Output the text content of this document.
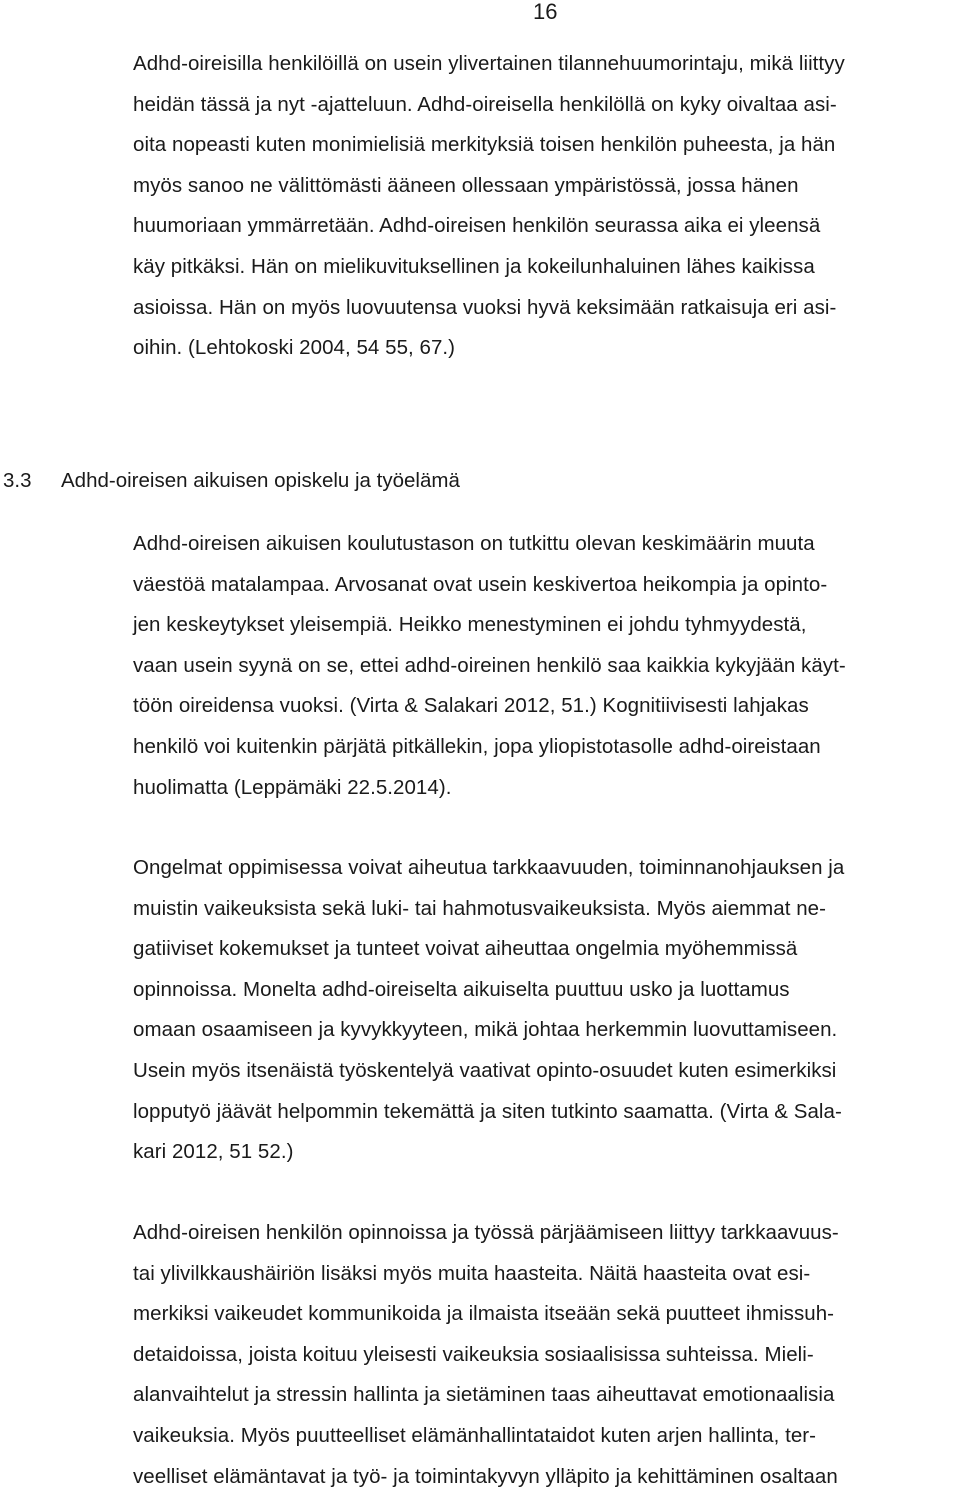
16

Adhd-oireisilla henkilöillä on usein ylivertainen tilannehuumorintaju, mikä liittyy
heidän tässä ja nyt -ajatteluun. Adhd-oireisella henkilöllä on kyky oivaltaa asi-
oita nopeasti kuten monimielisiä merkityksiä toisen henkilön puheesta, ja hän
myös sanoo ne välittömästi ääneen ollessaan ympäristössä, jossa hänen
huumoriaan ymmärretään. Adhd-oireisen henkilön seurassa aika ei yleensä
käy pitkäksi. Hän on mielikuvituksellinen ja kokeilunhaluinen lähes kaikissa
asioissa. Hän on myös luovuutensa vuoksi hyvä keksimään ratkaisuja eri asi-
oihin. (Lehtokoski 2004, 54 55, 67.)

3.3 Adhd-oireisen aikuisen opiskelu ja työelämä

Adhd-oireisen aikuisen koulutustason on tutkittu olevan keskimäärin muuta
väestöä matalampaa. Arvosanat ovat usein keskivertoa heikompia ja opinto-
jen keskeytykset yleisempiä. Heikko menestyminen ei johdu tyhmyydestä,
vaan usein syynä on se, ettei adhd-oireinen henkilö saa kaikkia kykyjään käyt-
töön oireidensa vuoksi. (Virta & Salakari 2012, 51.) Kognitiivisesti lahjakas
henkilö voi kuitenkin pärjätä pitkällekin, jopa yliopistotasolle adhd-oireistaan
huolimatta (Leppämäki 22.5.2014).

Ongelmat oppimisessa voivat aiheutua tarkkaavuuden, toiminnanohjauksen ja
muistin vaikeuksista sekä luki- tai hahmotusvaikeuksista. Myös aiemmat ne-
gatiiviset kokemukset ja tunteet voivat aiheuttaa ongelmia myöhemmissä
opinnoissa. Monelta adhd-oireiselta aikuiselta puuttuu usko ja luottamus
omaan osaamiseen ja kyvykkyyteen, mikä johtaa herkemmin luovuttamiseen.
Usein myös itsenäistä työskentelyä vaativat opinto-osuudet kuten esimerkiksi
lopputyö jäävät helpommin tekemättä ja siten tutkinto saamatta. (Virta & Sala-
kari 2012, 51 52.)

Adhd-oireisen henkilön opinnoissa ja työssä pärjäämiseen liittyy tarkkaavuus-
tai ylivilkkaushäiriön lisäksi myös muita haasteita. Näitä haasteita ovat esi-
merkiksi vaikeudet kommunikoida ja ilmaista itseään sekä puutteet ihmissuh-
detaidoissa, joista koituu yleisesti vaikeuksia sosiaalisissa suhteissa. Mieli-
alanvaihtelut ja stressin hallinta ja sietäminen taas aiheuttavat emotionaalisia
vaikeuksia. Myös puutteelliset elämänhallintataidot kuten arjen hallinta, ter-
veelliset elämäntavat ja työ- ja toimintakyvyn ylläpito ja kehittäminen osaltaan
